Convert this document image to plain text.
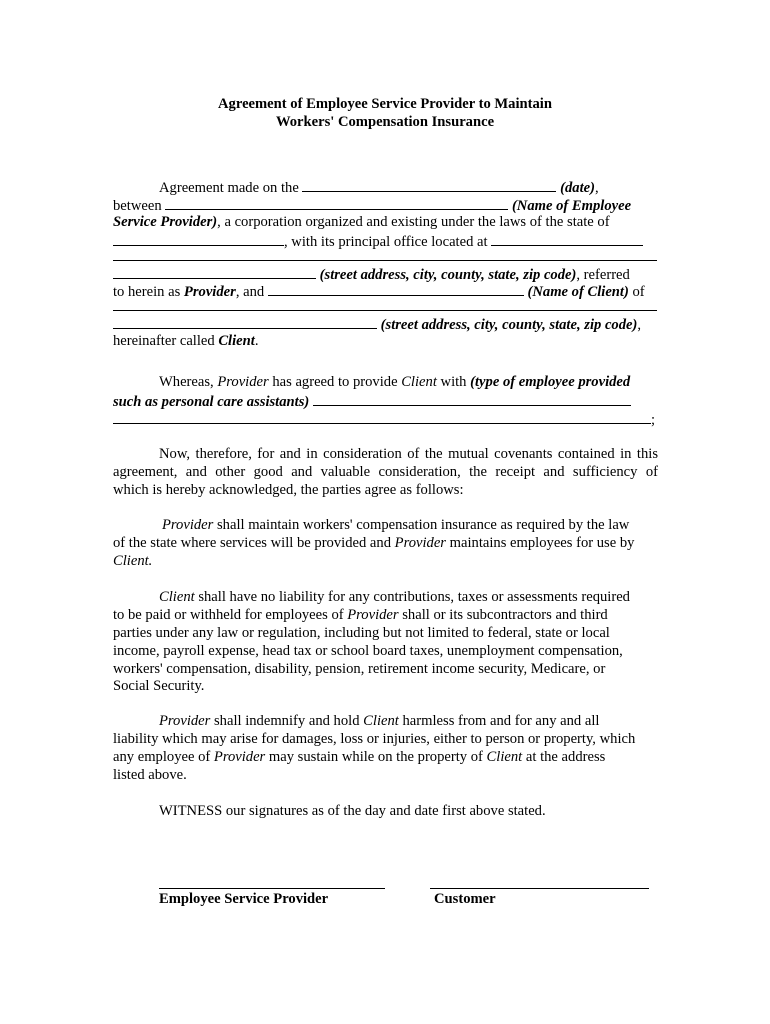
Agreement of Employee Service Provider to Maintain
Workers' Compensation Insurance
Agreement made on the	(date),
between	(Name of Employee
Service Provider), a corporation organized and existing under the laws of the state of
, with its principal office located at
(street address, city, county, state, zip code), referred
to herein as Provider, and	(Name of Client) of
(street address, city, county, state, zip code),
hereinafter called Client.
Whereas, Provider has agreed to provide Client with (type of employee provided
such as personal care assistants)
;
Now, therefore, for and in consideration of the mutual covenants contained in this
agreement, and other good and valuable consideration, the receipt and sufficiency of
which is hereby acknowledged, the parties agree as follows:
Provider shall maintain workers' compensation insurance as required by the law
of the state where services will be provided and Provider maintains employees for use by
Client.
Client shall have no liability for any contributions, taxes or assessments required
to be paid or withheld for employees of Provider shall or its subcontractors and third
parties under any law or regulation, including but not limited to federal, state or local
income, payroll expense, head tax or school board taxes, unemployment compensation,
workers' compensation, disability, pension, retirement income security, Medicare, or
Social Security.
Provider shall indemnify and hold Client harmless from and for any and all
liability which may arise for damages, loss or injuries, either to person or property, which
any employee of Provider may sustain while on the property of Client at the address
listed above.
WITNESS our signatures as of the day and date first above stated.
Employee Service Provider	Customer
